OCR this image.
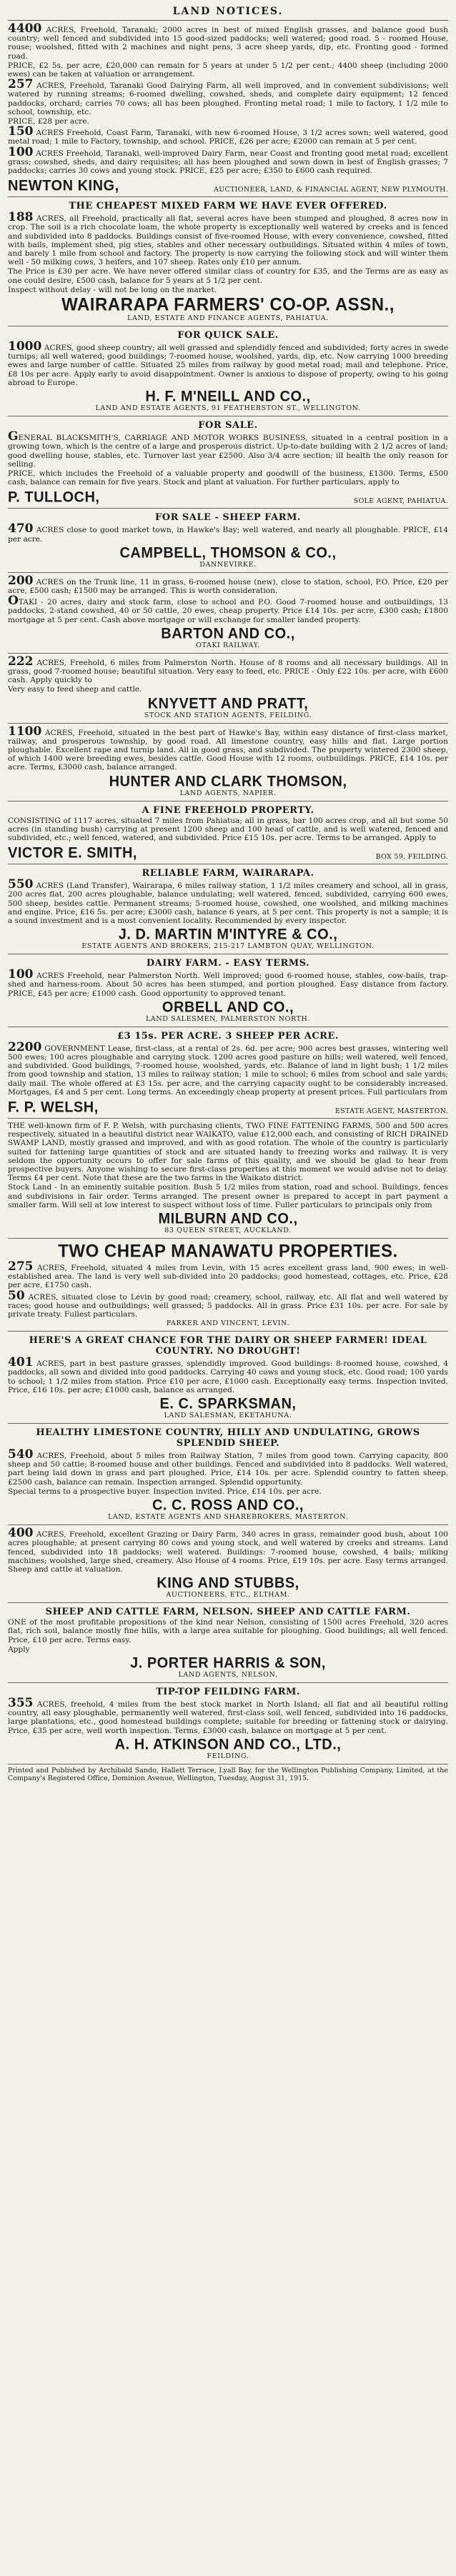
LAND NOTICES.

4400 ACRES, Freehold, Taranaki; 2000 acres in best of mixed English grasses, and balance good bush country; well fenced and subdivided into 15 good-sized paddocks; well watered; good road. 5 - roomed House, rouse; woolshed, fitted with 2 machines and night pens, 3 acre sheep yards, dip, etc. Fronting good - formed road.

PRICE, £2 5s. per acre, £20,000 can remain for 5 years at under 5 1/2 per cent.; 4400 sheep (including 2000 ewes) can be taken at valuation or arrangement.

257 ACRES, Freehold, Taranaki Good Dairying Farm, all well improved, and in convenient subdivisions; well watered by running streams; 6-roomed dwelling, cowshed, sheds, and complete dairy equipment; 12 fenced paddocks, orchard; carries 70 cows; all has been ploughed. Fronting metal road; 1 mile to factory, 1 1/2 mile to school, township, etc.

PRICE, £28 per acre.

150 ACRES Freehold, Coast Farm, Taranaki, with new 6-roomed House, 3 1/2 acres sown; well watered, good metal road; 1 mile to Factory, township, and school. PRICE, £26 per acre; £2000 can remain at 5 per cent.

100 ACRES Freehold, Taranaki, well-improved Dairy Farm, near Coast and fronting good metal road; excellent grass; cowshed, sheds, and dairy requisites; all has been ploughed and sown down in best of English grasses; 7 paddocks; carries 30 cows and young stock. PRICE, £25 per acre; £350 to £600 cash required.

NEWTON KING,	AUCTIONEER, LAND, & FINANCIAL AGENT, NEW PLYMOUTH.
THE CHEAPEST MIXED FARM WE HAVE EVER OFFERED.

188 ACRES, all Freehold, practically all flat, several acres have been stumped and ploughed, 8 acres now in crop. The soil is a rich chocolate loam, the whole property is exceptionally well watered by creeks and is fenced and subdivided into 8 paddocks. Buildings consist of five-roomed House, with every convenience, cowshed, fitted with bails, implement shed, pig sties, stables and other necessary outbuildings. Situated within 4 miles of town, and barely 1 mile from school and factory. The property is now carrying the following stock and will winter them well - 50 milking cows, 3 heifers, and 107 sheep. Rates only £10 per annum.

The Price is £30 per acre. We have never offered similar class of country for £35, and the Terms are as easy as one could desire, £500 cash, balance for 5 years at 5 1/2 per cent.

Inspect without delay - will not be long on the market.

WAIRARAPA FARMERS' CO-OP. ASSN.,
LAND, ESTATE AND FINANCE AGENTS, PAHIATUA.
FOR QUICK SALE.

1000 ACRES, good sheep country; all well grassed and splendidly fenced and subdivided; forty acres in swede turnips; all well watered; good buildings; 7-roomed house, woolshed, yards, dip, etc. Now carrying 1000 breeding ewes and large number of cattle. Situated 25 miles from railway by good metal road; mail and telephone. Price, £8 10s per acre. Apply early to avoid disappointment. Owner is anxious to dispose of property, owing to his going abroad to Europe.

H. F. M'NEILL AND CO.,
LAND AND ESTATE AGENTS, 91 FEATHERSTON ST., WELLINGTON.
FOR SALE.

GENERAL BLACKSMITH'S, CARRIAGE AND MOTOR WORKS BUSINESS, situated in a central position in a growing town, which is the centre of a large and prosperous district. Up-to-date building with 2 1/2 acres of land; good dwelling house, stables, etc. Turnover last year £2500. Also 3/4 acre section; ill health the only reason for selling.

PRICE, which includes the Freehold of a valuable property and goodwill of the business, £1300. Terms, £500 cash, balance can remain for five years. Stock and plant at valuation. For further particulars, apply to

P. TULLOCH,	SOLE AGENT, PAHIATUA.
FOR SALE - SHEEP FARM.

470 ACRES close to good market town, in Hawke's Bay; well watered, and nearly all ploughable. PRICE, £14 per acre.

CAMPBELL, THOMSON & CO.,
DANNEVIRKE.

200 ACRES on the Trunk line, 11 in grass, 6-roomed house (new), close to station, school, P.O. Price, £20 per acre, £500 cash; £1500 may be arranged. This is worth consideration.

OTAKI - 20 acres, dairy and stock farm, close to school and P.O. Good 7-roomed house and outbuildings, 13 paddocks, 2-stand cowshed, 40 or 50 cattle, 20 ewes, cheap property. Price £14 10s. per acre, £300 cash; £1800 mortgage at 5 per cent. Cash above mortgage or will exchange for smaller landed property.

BARTON AND CO.,
OTAKI RAILWAY.

222 ACRES, Freehold, 6 miles from Palmerston North. House of 8 rooms and all necessary buildings. All in grass, good 7-roomed house; beautiful situation. Very easy to feed, etc. PRICE - Only £22 10s. per acre, with £600 cash. Apply quickly to

Very easy to feed sheep and cattle.

KNYVETT AND PRATT,
STOCK AND STATION AGENTS, FEILDING.

1100 ACRES, Freehold, situated in the best part of Hawke's Bay, within easy distance of first-class market, railway, and prosperous township, by good road. All limestone country, easy hills and flat. Large portion ploughable. Excellent rape and turnip land. All in good grass, and subdivided. The property wintered 2300 sheep, of which 1400 were breeding ewes, besides cattle. Good House with 12 rooms, outbuildings. PRICE, £14 10s. per acre. Terms, £3000 cash, balance arranged.

HUNTER AND CLARK THOMSON,
LAND AGENTS, NAPIER.
A FINE FREEHOLD PROPERTY.

CONSISTING of 1117 acres, situated 7 miles from Pahiatua; all in grass, bar 100 acres crop, and all but some 50 acres (in standing bush) carrying at present 1200 sheep and 100 head of cattle, and is well watered, fenced and subdivided, etc.; well fenced, watered, and subdivided. Price £15 10s. per acre. Terms to be arranged. Apply to

VICTOR E. SMITH,	BOX 59, FEILDING.
RELIABLE FARM, WAIRARAPA.

550 ACRES (Land Transfer), Wairarapa, 6 miles railway station, 1 1/2 miles creamery and school, all in grass, 200 acres flat, 200 acres ploughable, balance undulating; well watered, fenced, subdivided, carrying 600 ewes, 500 sheep, besides cattle. Permanent streams; 5-roomed house, cowshed, one woolshed, and milking machines and engine. Price, £16 5s. per acre; £3000 cash, balance 6 years, at 5 per cent. This property is not a sample; it is a sound investment and is a most convenient locality. Recommended by every inspector.

J. D. MARTIN M'INTYRE & CO.,
ESTATE AGENTS AND BROKERS, 215-217 LAMBTON QUAY, WELLINGTON.
DAIRY FARM. - EASY TERMS.

100 ACRES Freehold, near Palmerston North. Well improved; good 6-roomed house, stables, cow-bails, trap-shed and harness-room. About 50 acres has been stumped, and portion ploughed. Easy distance from factory. PRICE, £45 per acre; £1000 cash. Good opportunity to approved tenant.

ORBELL AND CO.,
LAND SALESMEN, PALMERSTON NORTH.
£3 15s. PER ACRE. 3 SHEEP PER ACRE.

2200 GOVERNMENT Lease, first-class, at a rental of 2s. 6d. per acre; 900 acres best grasses, wintering well 500 ewes; 100 acres ploughable and carrying stock. 1200 acres good pasture on hills; well watered, well fenced, and subdivided. Good buildings, 7-roomed house, woolshed, yards, etc. Balance of land in light bush; 1 1/2 miles from good township and station, 13 miles to railway station; 1 mile to school; 6 miles from school and sale yards; daily mail. The whole offered at £3 15s. per acre, and the carrying capacity ought to be considerably increased. Mortgages, £4 and 5 per cent. Long terms. An exceedingly cheap property at present prices. Full particulars from

F. P. WELSH,	ESTATE AGENT, MASTERTON.

THE well-known firm of F. P. Welsh, with purchasing clients, TWO FINE FATTENING FARMS, 500 and 500 acres respectively, situated in a beautiful district near WAIKATO, value £12,000 each, and consisting of RICH DRAINED SWAMP LAND, mostly grassed and improved, and with as good rotation. The whole of the country is particularly suited for fattening large quantities of stock and are situated handy to freezing works and railway. It is very seldom the opportunity occurs to offer for sale farms of this quality, and we should be glad to hear from prospective buyers. Anyone wishing to secure first-class properties at this moment we would advise not to delay. Terms £4 per cent. Note that these are the two farms in the Waikato district.

Stock Land - In an eminently suitable position. Bush 5 1/2 miles from station, road and school. Buildings, fences and subdivisions in fair order. Terms arranged. The present owner is prepared to accept in part payment a smaller farm. Will sell at low interest to suspect without loss of time. Fuller particulars to principals only from

MILBURN AND CO.,
83 QUEEN STREET, AUCKLAND.
TWO CHEAP MANAWATU PROPERTIES.

275 ACRES, Freehold, situated 4 miles from Levin, with 15 acres excellent grass land, 900 ewes; in well-established area. The land is very well sub-divided into 20 paddocks; good homestead, cottages, etc. Price, £28 per acre, £1750 cash.

50 ACRES, situated close to Levin by good road; creamery, school, railway, etc. All flat and well watered by races; good house and outbuildings; well grassed; 5 paddocks. All in grass. Price £31 10s. per acre. For sale by private treaty. Fullest particulars.

PARKER AND VINCENT, LEVIN.
HERE'S A GREAT CHANCE FOR THE DAIRY OR SHEEP FARMER! IDEAL COUNTRY. NO DROUGHT!

401 ACRES, part in best pasture grasses, splendidly improved. Good buildings: 8-roomed house, cowshed, 4 paddocks, all sown and divided into good paddocks. Carrying 40 cows and young stock, etc. Good road; 100 yards to school; 1 1/2 miles from station. Price £10 per acre, £1000 cash. Exceptionally easy terms. Inspection invited. Price, £16 10s. per acre; £1000 cash, balance as arranged.

E. C. SPARKSMAN,
LAND SALESMAN, EKETAHUNA.
HEALTHY LIMESTONE COUNTRY, HILLY AND UNDULATING, GROWS SPLENDID SHEEP.

540 ACRES, Freehold, about 5 miles from Railway Station, 7 miles from good town. Carrying capacity, 800 sheep and 50 cattle; 8-roomed house and other buildings. Fenced and subdivided into 8 paddocks. Well watered, part being laid down in grass and part ploughed. Price, £14 10s. per acre. Splendid country to fatten sheep. £2500 cash, balance can remain. Inspection arranged. Splendid opportunity.

Special terms to a prospective buyer. Inspection invited. Price, £14 10s. per acre.

C. C. ROSS AND CO.,
LAND, ESTATE AGENTS AND SHAREBROKERS, MASTERTON.

400 ACRES, Freehold, excellent Grazing or Dairy Farm, 340 acres in grass, remainder good bush, about 100 acres ploughable; at present carrying 80 cows and young stock, and well watered by creeks and streams. Land fenced, subdivided into 18 paddocks; well watered. Buildings: 7-roomed house, cowshed, 4 bails; milking machines; woolshed, large shed, creamery. Also House of 4 rooms. Price, £19 10s. per acre. Easy terms arranged. Sheep and cattle at valuation.

KING AND STUBBS,
AUCTIONEERS, ETC., ELTHAM.
SHEEP AND CATTLE FARM, NELSON. SHEEP AND CATTLE FARM.

ONE of the most profitable propositions of the kind near Nelson, consisting of 1500 acres Freehold, 320 acres flat, rich soil, balance mostly fine hills, with a large area suitable for ploughing. Good buildings; all well fenced. Price, £10 per acre. Terms easy.

Apply

J. PORTER HARRIS & SON,
LAND AGENTS, NELSON.
TIP-TOP FEILDING FARM.

355 ACRES, freehold, 4 miles from the best stock market in North Island; all flat and all beautiful rolling country, all easy ploughable, permanently well watered, first-class soil, well fenced, subdivided into 16 paddocks, large plantations, etc., good homestead buildings complete; suitable for breeding or fattening stock or dairying. Price, £35 per acre, well worth inspection. Terms, £3000 cash, balance on mortgage at 5 per cent.

A. H. ATKINSON AND CO., LTD.,
FEILDING.
Printed and Published by Archibald Sando, Hallett Terrace, Lyall Bay, for the Wellington Publishing Company, Limited, at the Company's Registered Office, Dominion Avenue, Wellington, Tuesday, August 31, 1915.
